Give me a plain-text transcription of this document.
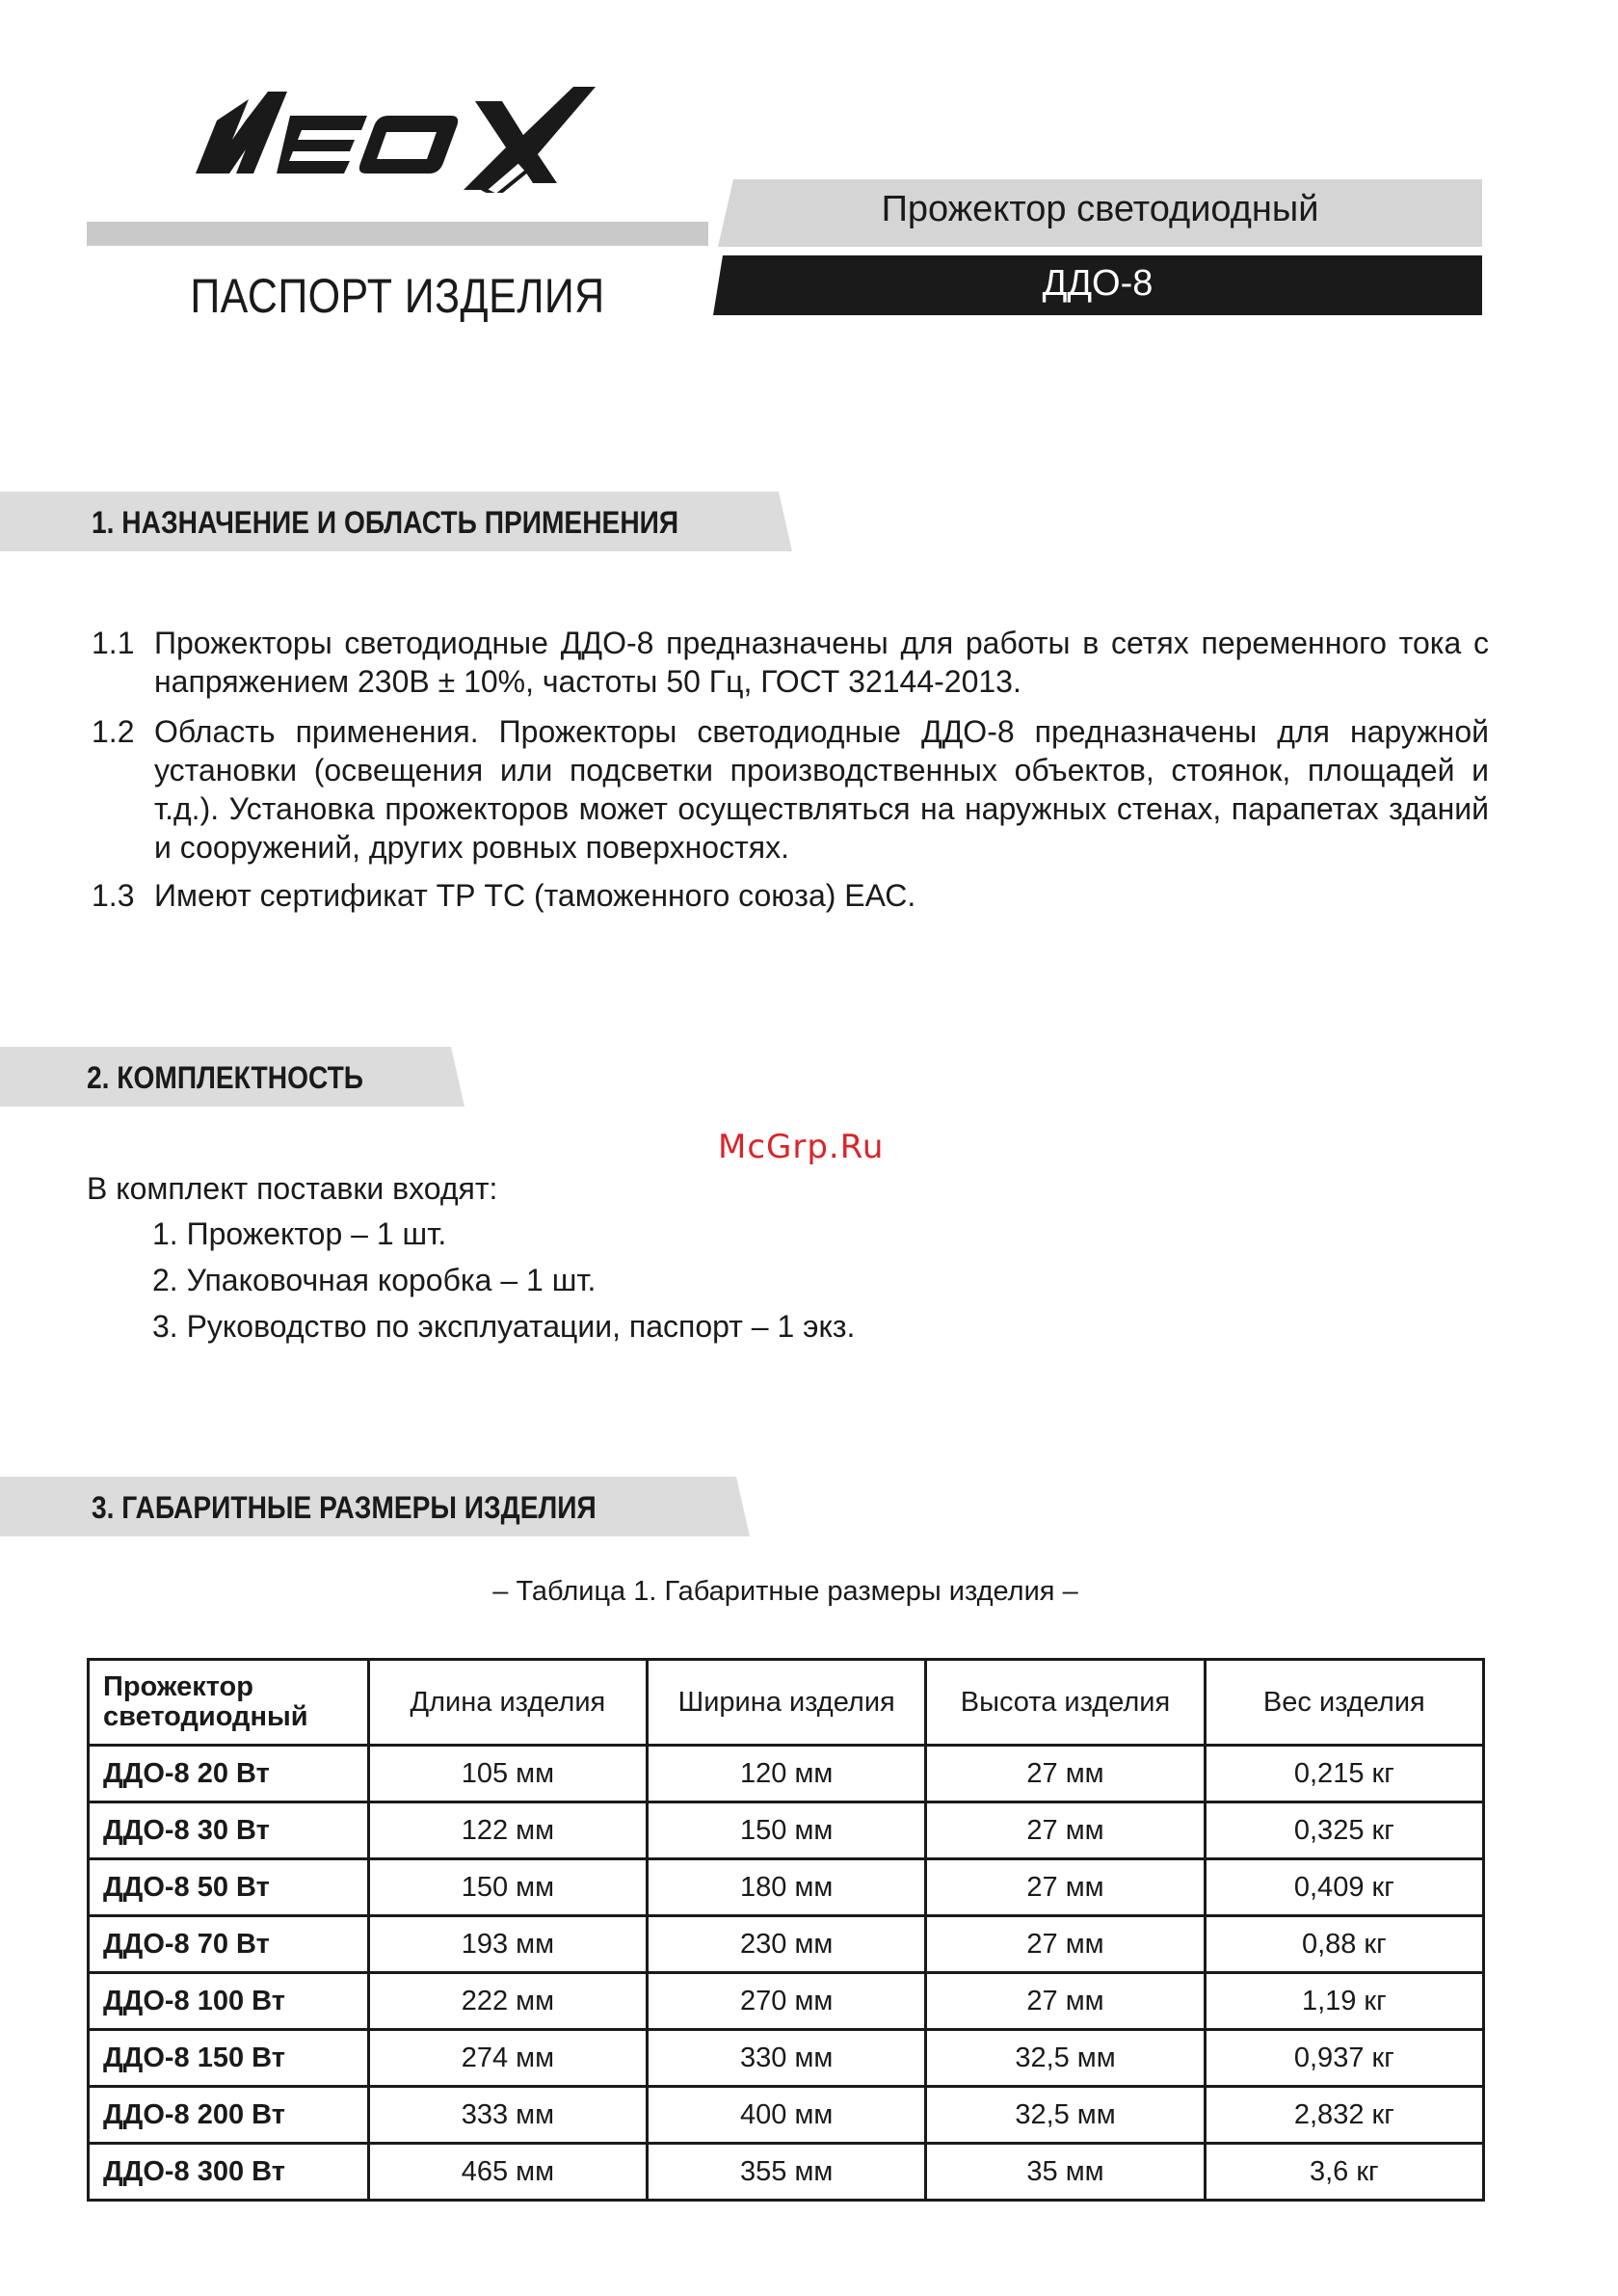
ПАСПОРТ ИЗДЕЛИЯ
Прожектор светодиодный
ДДО-8
1. НАЗНАЧЕНИЕ И ОБЛАСТЬ ПРИМЕНЕНИЯ
1.1 Прожекторы светодиодные ДДО-8 предназначены для работы в сетях переменного тока с напряжением 230В ± 10%, частоты 50 Гц, ГОСТ 32144-2013.
1.2 Область применения. Прожекторы светодиодные ДДО-8 предназначены для наружной установки (освещения или подсветки производственных объектов, стоянок, площадей и т.д.). Установка прожекторов может осуществляться на наружных стенах, парапетах зданий и сооружений, других ровных поверхностях.
1.3 Имеют сертификат ТР ТС (таможенного союза) ЕАС.
2. КОМПЛЕКТНОСТЬ
McGrp.Ru
В комплект поставки входят:
1. Прожектор – 1 шт.
2. Упаковочная коробка – 1 шт.
3. Руководство по эксплуатации, паспорт – 1 экз.
3. ГАБАРИТНЫЕ РАЗМЕРЫ ИЗДЕЛИЯ
– Таблица 1. Габаритные размеры изделия –
Прожектор светодиодный	Длина изделия	Ширина изделия	Высота изделия	Вес изделия
ДДО-8 20 Вт	105 мм	120 мм	27 мм	0,215 кг
ДДО-8 30 Вт	122 мм	150 мм	27 мм	0,325 кг
ДДО-8 50 Вт	150 мм	180 мм	27 мм	0,409 кг
ДДО-8 70 Вт	193 мм	230 мм	27 мм	0,88 кг
ДДО-8 100 Вт	222 мм	270 мм	27 мм	1,19 кг
ДДО-8 150 Вт	274 мм	330 мм	32,5 мм	0,937 кг
ДДО-8 200 Вт	333 мм	400 мм	32,5 мм	2,832 кг
ДДО-8 300 Вт	465 мм	355 мм	35 мм	3,6 кг
